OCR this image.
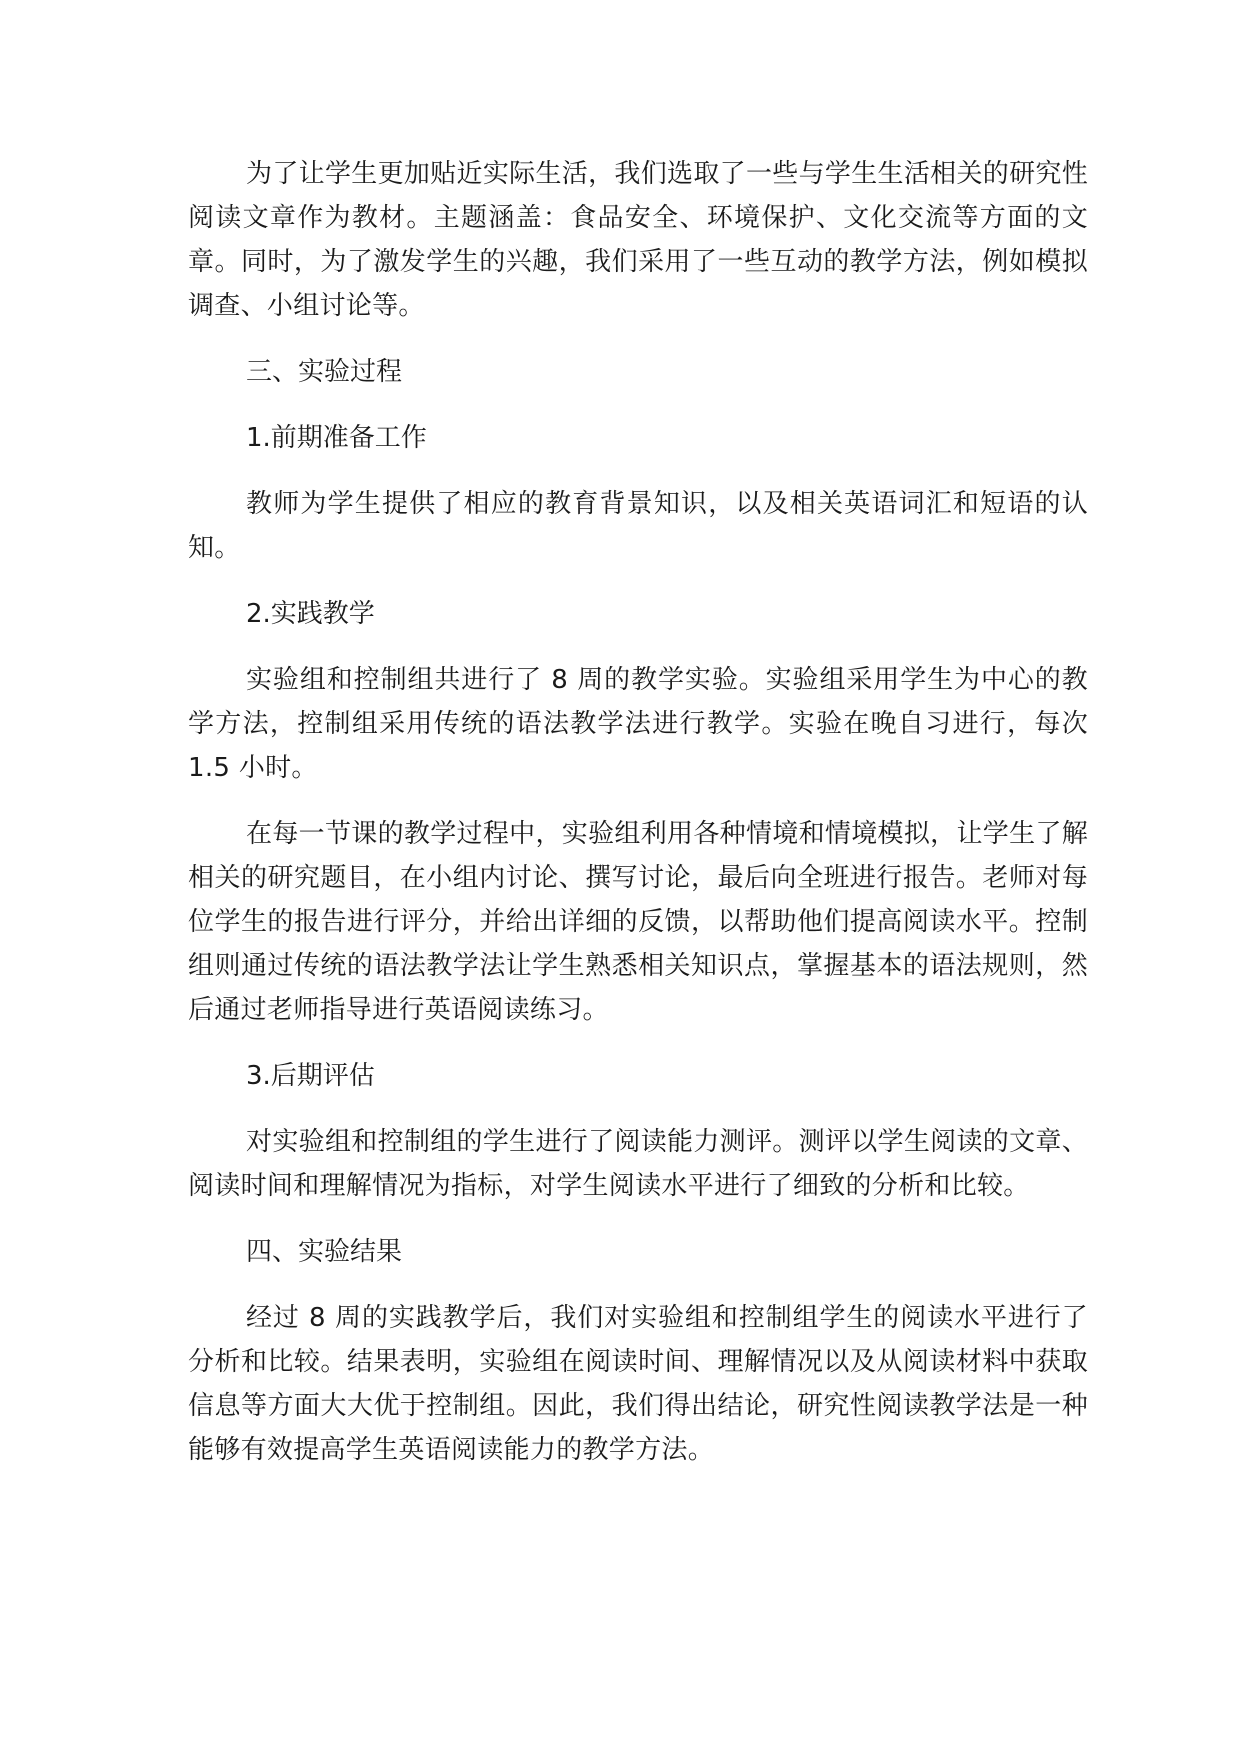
为了让学生更加贴近实际生活，我们选取了一些与学生生活相关的研究性阅读文章作为教材。主题涵盖：食品安全、环境保护、文化交流等方面的文章。同时，为了激发学生的兴趣，我们采用了一些互动的教学方法，例如模拟调查、小组讨论等。

三、实验过程

1.前期准备工作

教师为学生提供了相应的教育背景知识，以及相关英语词汇和短语的认知。

2.实践教学

实验组和控制组共进行了 8 周的教学实验。实验组采用学生为中心的教学方法，控制组采用传统的语法教学法进行教学。实验在晚自习进行，每次 1.5 小时。

在每一节课的教学过程中，实验组利用各种情境和情境模拟，让学生了解相关的研究题目，在小组内讨论、撰写讨论，最后向全班进行报告。老师对每位学生的报告进行评分，并给出详细的反馈，以帮助他们提高阅读水平。控制组则通过传统的语法教学法让学生熟悉相关知识点，掌握基本的语法规则，然后通过老师指导进行英语阅读练习。

3.后期评估

对实验组和控制组的学生进行了阅读能力测评。测评以学生阅读的文章、阅读时间和理解情况为指标，对学生阅读水平进行了细致的分析和比较。

四、实验结果

经过 8 周的实践教学后，我们对实验组和控制组学生的阅读水平进行了分析和比较。结果表明，实验组在阅读时间、理解情况以及从阅读材料中获取信息等方面大大优于控制组。因此，我们得出结论，研究性阅读教学法是一种能够有效提高学生英语阅读能力的教学方法。
